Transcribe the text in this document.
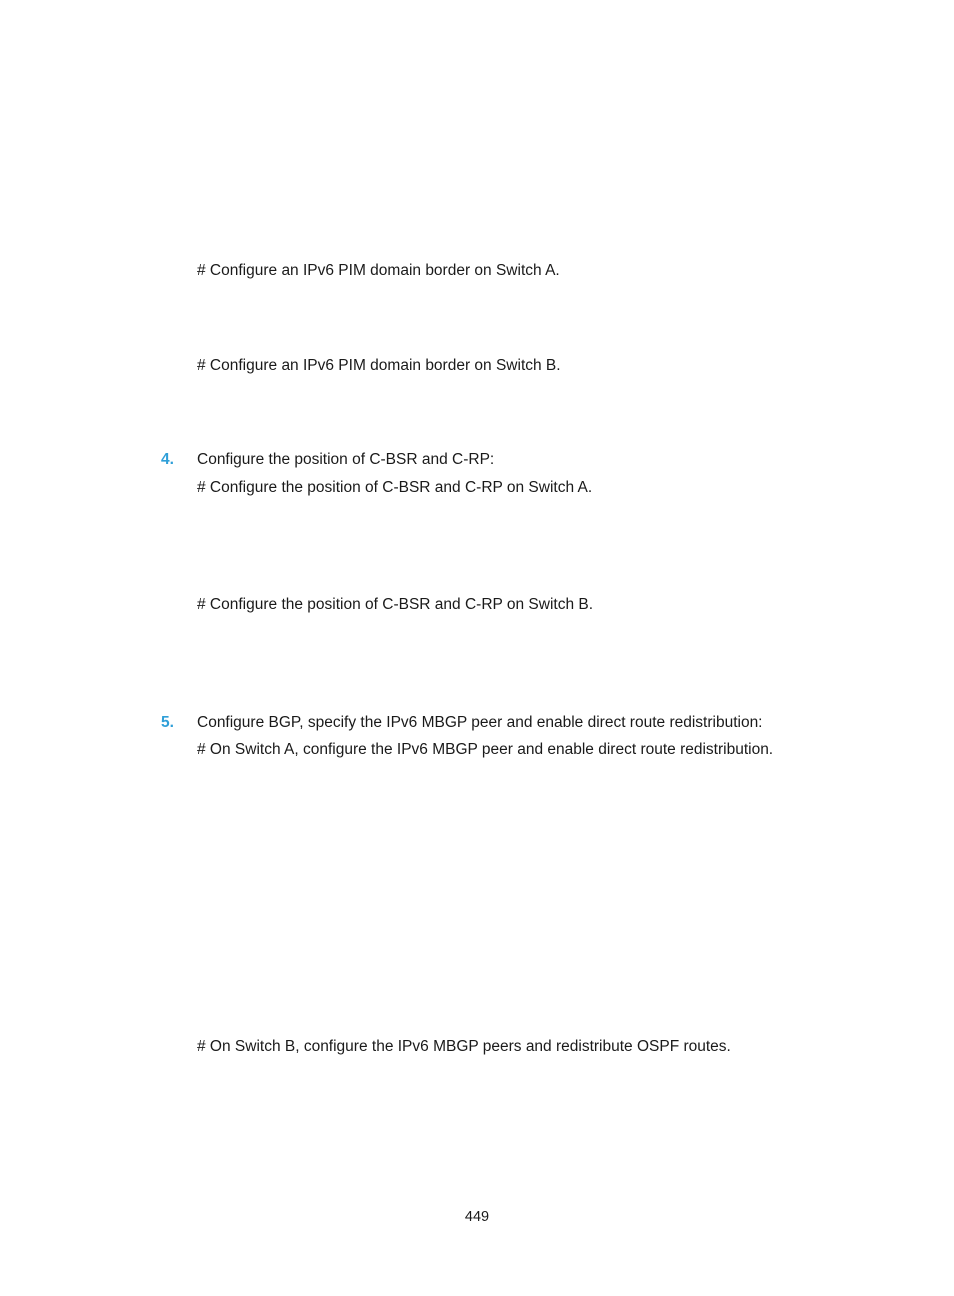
# Configure an IPv6 PIM domain border on Switch A.
# Configure an IPv6 PIM domain border on Switch B.
4. Configure the position of C-BSR and C-RP:
# Configure the position of C-BSR and C-RP on Switch A.
# Configure the position of C-BSR and C-RP on Switch B.
5. Configure BGP, specify the IPv6 MBGP peer and enable direct route redistribution:
# On Switch A, configure the IPv6 MBGP peer and enable direct route redistribution.
# On Switch B, configure the IPv6 MBGP peers and redistribute OSPF routes.
449
